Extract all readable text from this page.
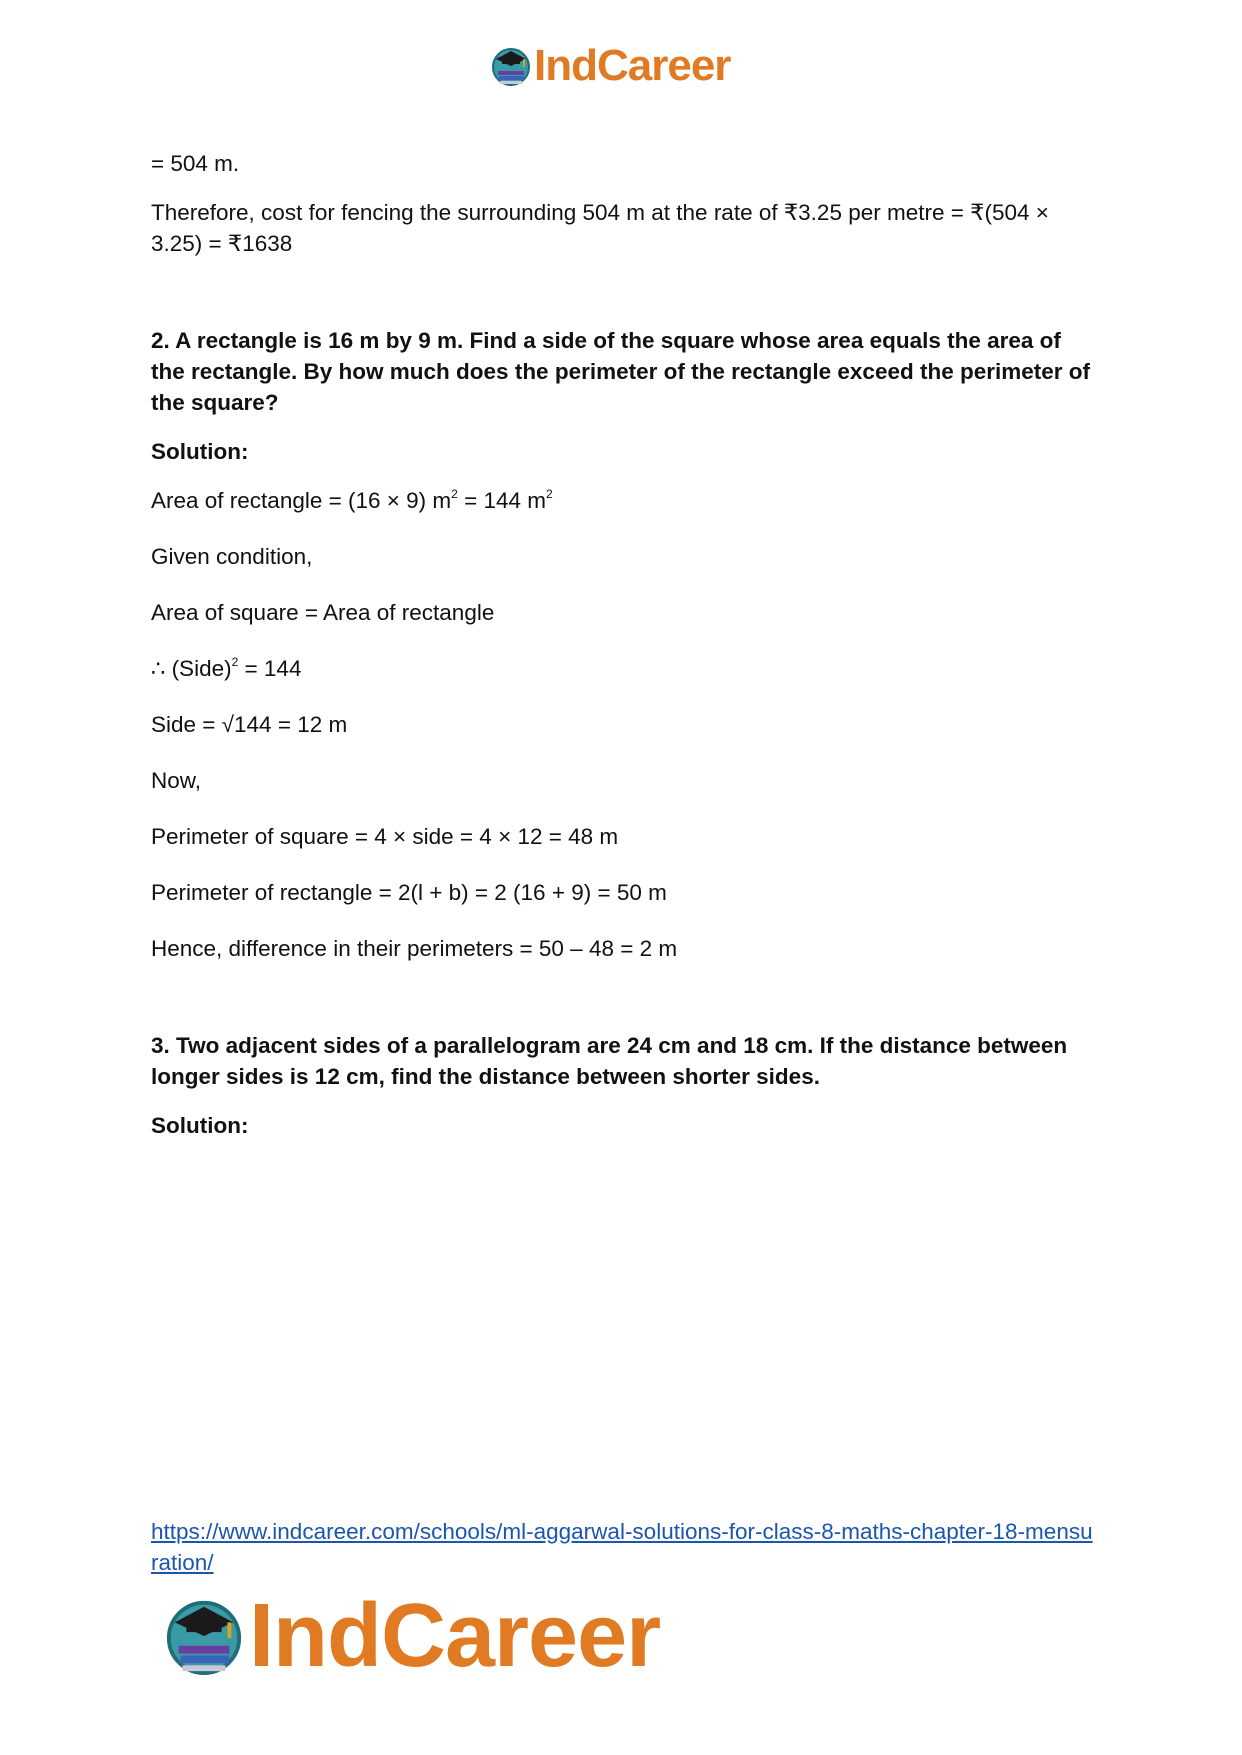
IndCareer

= 504 m.

Therefore, cost for fencing the surrounding 504 m at the rate of ₹3.25 per metre = ₹(504 × 3.25) = ₹1638

2. A rectangle is 16 m by 9 m. Find a side of the square whose area equals the area of the rectangle. By how much does the perimeter of the rectangle exceed the perimeter of the square?

Solution:

Area of rectangle = (16 × 9) $m^2 = 144$ $m^2$

Given condition,

Area of square = Area of rectangle

∴ (Side)$^2$ = 144

Side = √144 = 12 m

Now,

Perimeter of square = 4 × side = 4 × 12 = 48 m

Perimeter of rectangle = 2(l + b) = 2 (16 + 9) = 50 m

Hence, difference in their perimeters = 50 – 48 = 2 m

3. Two adjacent sides of a parallelogram are 24 cm and 18 cm. If the distance between longer sides is 12 cm, find the distance between shorter sides.

Solution:

https://www.indcareer.com/schools/ml-aggarwal-solutions-for-class-8-maths-chapter-18-mensuration/
IndCareer
